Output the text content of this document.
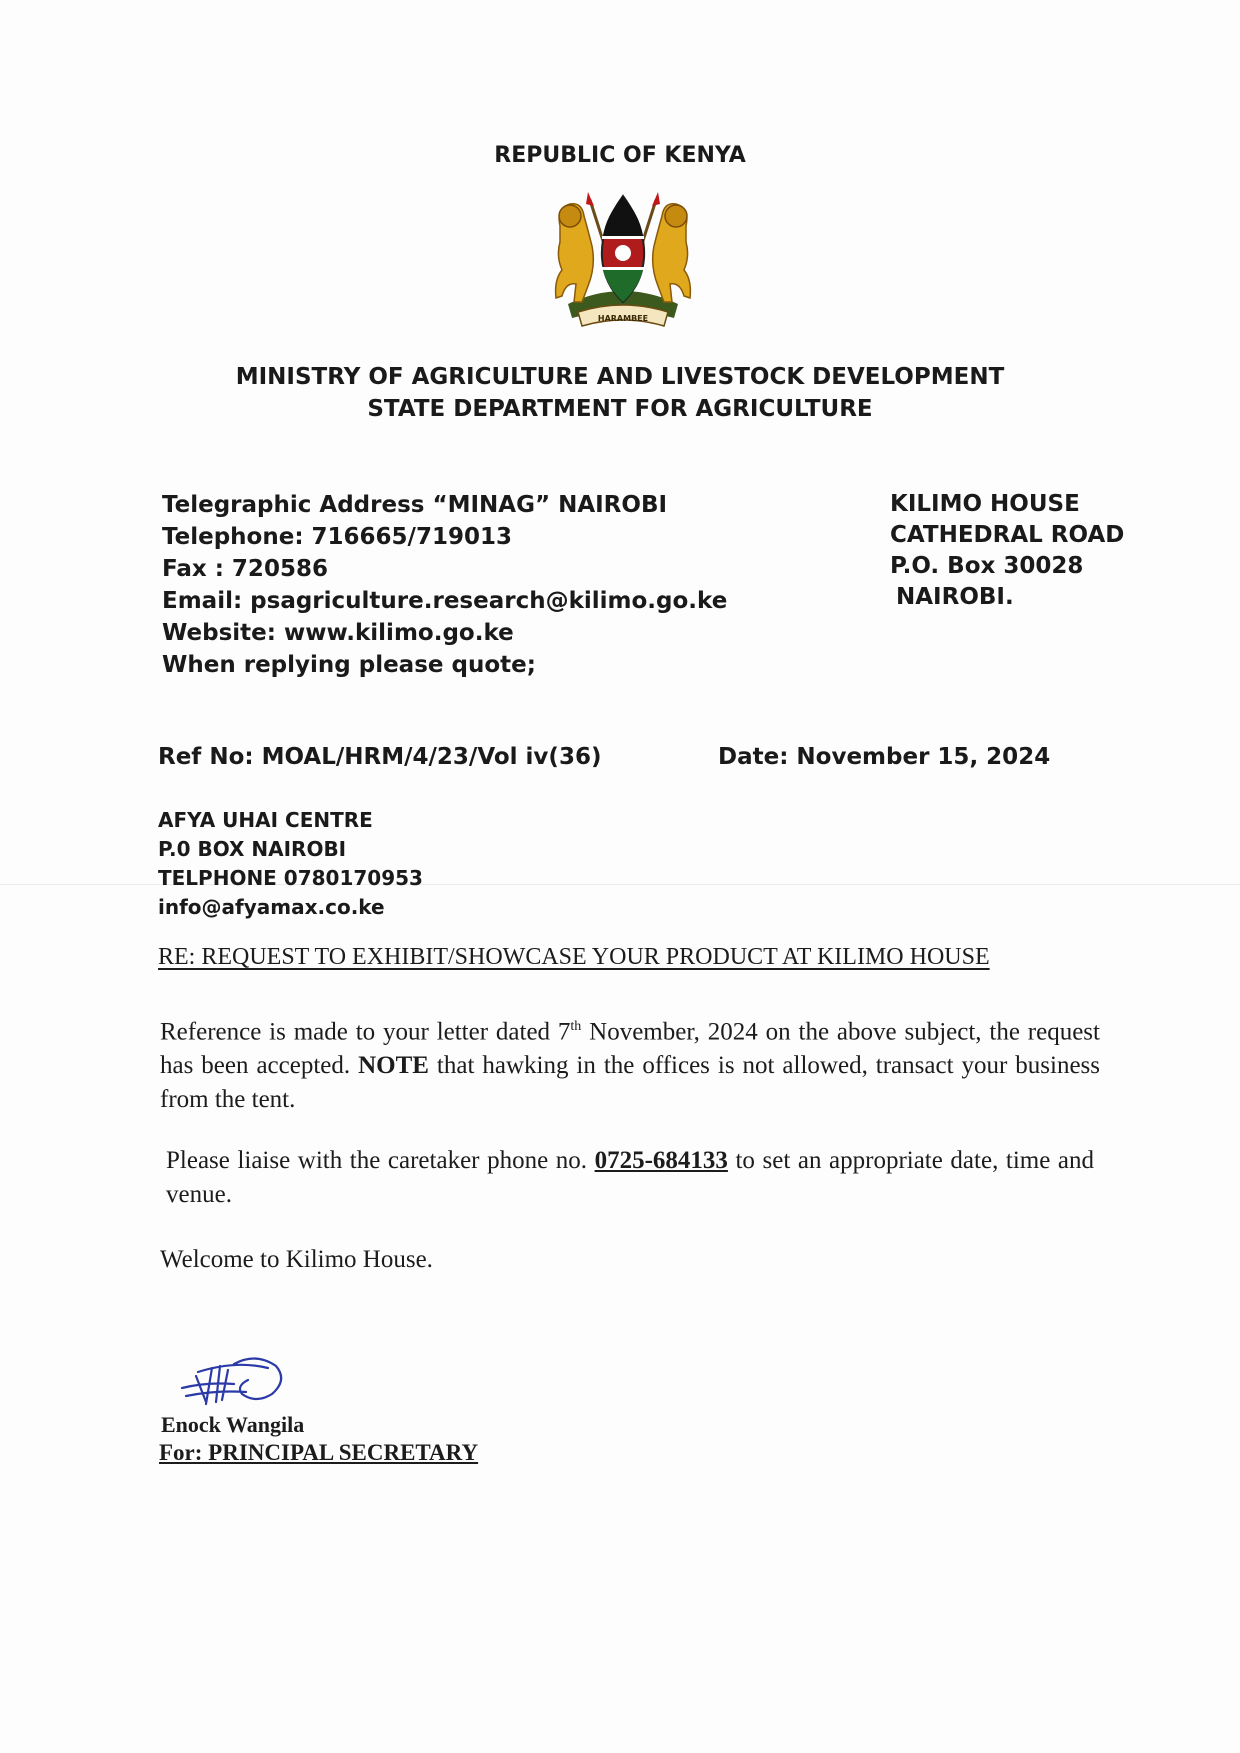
REPUBLIC OF KENYA
HARAMBEE
MINISTRY OF AGRICULTURE AND LIVESTOCK DEVELOPMENT
STATE DEPARTMENT FOR AGRICULTURE
Telegraphic Address “MINAG” NAIROBI
Telephone: 716665/719013
Fax : 720586
Email: psagriculture.research@kilimo.go.ke
Website: www.kilimo.go.ke
When replying please quote;
KILIMO HOUSE
CATHEDRAL ROAD
P.O. Box 30028
NAIROBI.
Ref No: MOAL/HRM/4/23/Vol iv(36)	Date: November 15, 2024
AFYA UHAI CENTRE
P.0 BOX NAIROBI
TELPHONE 0780170953
info@afyamax.co.ke
RE: REQUEST TO EXHIBIT/SHOWCASE YOUR PRODUCT AT KILIMO HOUSE
Reference is made to your letter dated 7th November, 2024 on the above subject, the request has been accepted. NOTE that hawking in the offices is not allowed, transact your business from the tent.
Please liaise with the caretaker phone no. 0725-684133 to set an appropriate date, time and venue.
Welcome to Kilimo House.
Enock Wangila
For: PRINCIPAL SECRETARY
